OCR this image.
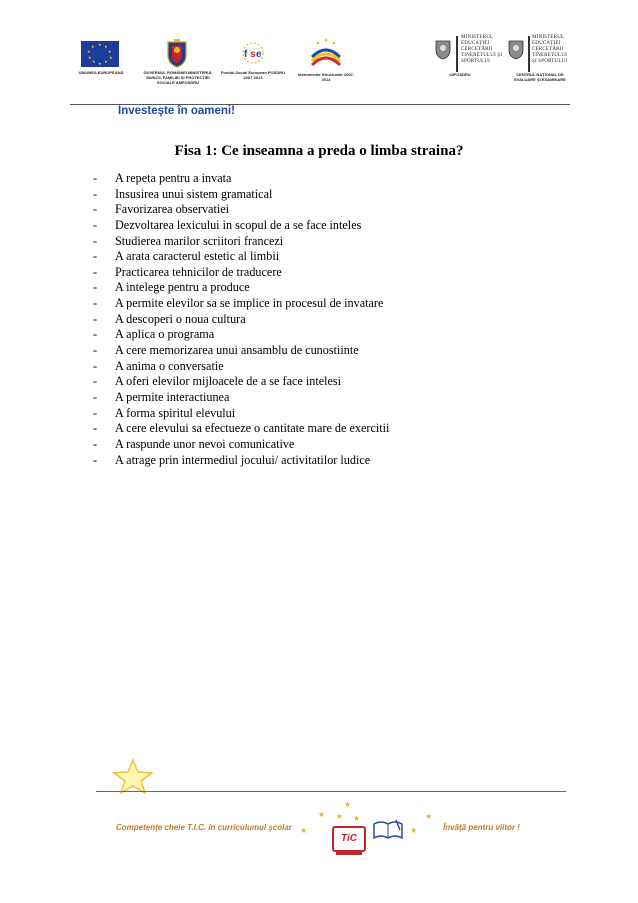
★ ★
★
★
★
★
★
★
★
★
UNIUNEA EUROPEANĂ	GUVERNUL ROMÂNIEI MINISTERUL MUNCII, FAMILIEI ȘI PROTECȚIEI SOCIALE AMPOSDRU
f s e
Fondul Social European POSDRU 2007-2013
Instrumente Structurale 2007-2013
MINISTERUL EDUCAȚIEI CERCETĂRII TINERETULUI ȘI SPORTULUI
OIPOSDRU
MINISTERUL EDUCAȚIEI CERCETĂRII TINERETULUI ȘI SPORTULUI
CENTRUL NAȚIONAL DE EVALUARE ȘI EXAMINARE
Investeşte în oameni!
Fisa 1: Ce inseamna a preda o limba straina?
- A repeta pentru a invata
- Insusirea unui sistem gramatical
- Favorizarea observatiei
- Dezvoltarea lexicului in scopul de a se face inteles
- Studierea marilor scriitori francezi
- A arata caracterul estetic al limbii
- Practicarea tehnicilor de traducere
- A intelege pentru a produce
- A permite elevilor sa se implice in procesul de invatare
- A descoperi o noua cultura
- A aplica o programa
- A cere memorizarea unui ansamblu de cunostiinte
- A anima o conversatie
- A oferi elevilor mijloacele de a se face intelesi
- A permite interactiunea
- A forma spiritul elevului
- A cere elevului sa efectueze o cantitate mare de exercitii
- A raspunde unor nevoi comunicative
- A atrage prin intermediul jocului/ activitatilor ludice
Competenţe cheie T.I.C. în curriculumul şcolar ★
★ ★
★
★
★
★
TiC
Învăţă pentru viitor !
